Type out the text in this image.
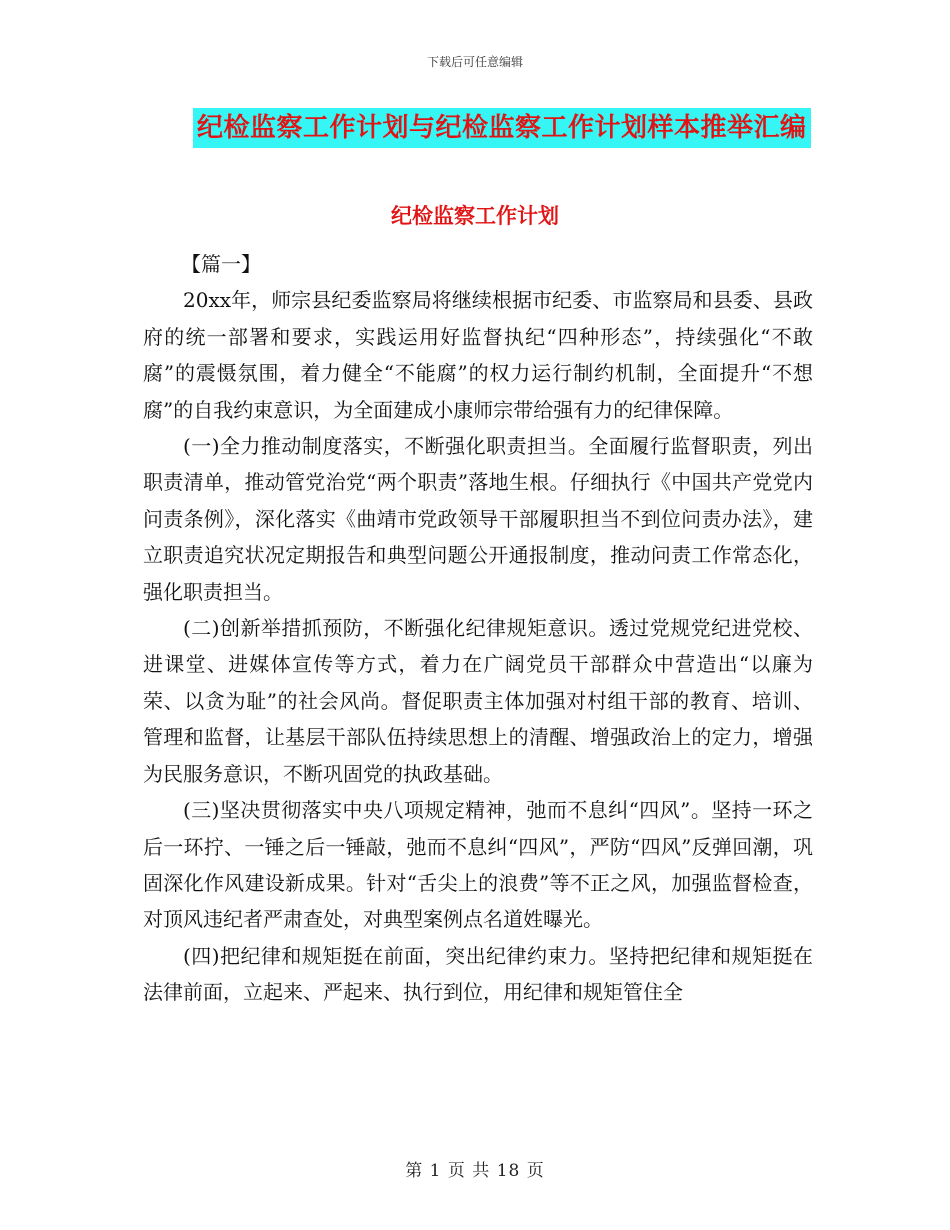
下载后可任意编辑
纪检监察工作计划与纪检监察工作计划样本推举汇编
纪检监察工作计划

【篇一】

20xx年，师宗县纪委监察局将继续根据市纪委、市监察局和县委、县政府的统一部署和要求，实践运用好监督执纪“四种形态”，持续强化“不敢腐”的震慑氛围，着力健全“不能腐”的权力运行制约机制，全面提升“不想腐”的自我约束意识，为全面建成小康师宗带给强有力的纪律保障。

(一)全力推动制度落实，不断强化职责担当。全面履行监督职责，列出职责清单，推动管党治党“两个职责”落地生根。仔细执行《中国共产党党内问责条例》，深化落实《曲靖市党政领导干部履职担当不到位问责办法》，建立职责追究状况定期报告和典型问题公开通报制度，推动问责工作常态化，强化职责担当。

(二)创新举措抓预防，不断强化纪律规矩意识。透过党规党纪进党校、进课堂、进媒体宣传等方式，着力在广阔党员干部群众中营造出“以廉为荣、以贪为耻”的社会风尚。督促职责主体加强对村组干部的教育、培训、管理和监督，让基层干部队伍持续思想上的清醒、增强政治上的定力，增强为民服务意识，不断巩固党的执政基础。

(三)坚决贯彻落实中央八项规定精神，弛而不息纠“四风”。坚持一环之后一环拧、一锤之后一锤敲，弛而不息纠“四风”，严防“四风”反弹回潮，巩固深化作风建设新成果。针对“舌尖上的浪费”等不正之风，加强监督检查，对顶风违纪者严肃查处，对典型案例点名道姓曝光。

(四)把纪律和规矩挺在前面，突出纪律约束力。坚持把纪律和规矩挺在法律前面，立起来、严起来、执行到位，用纪律和规矩管住全

第 1 页 共 18 页
